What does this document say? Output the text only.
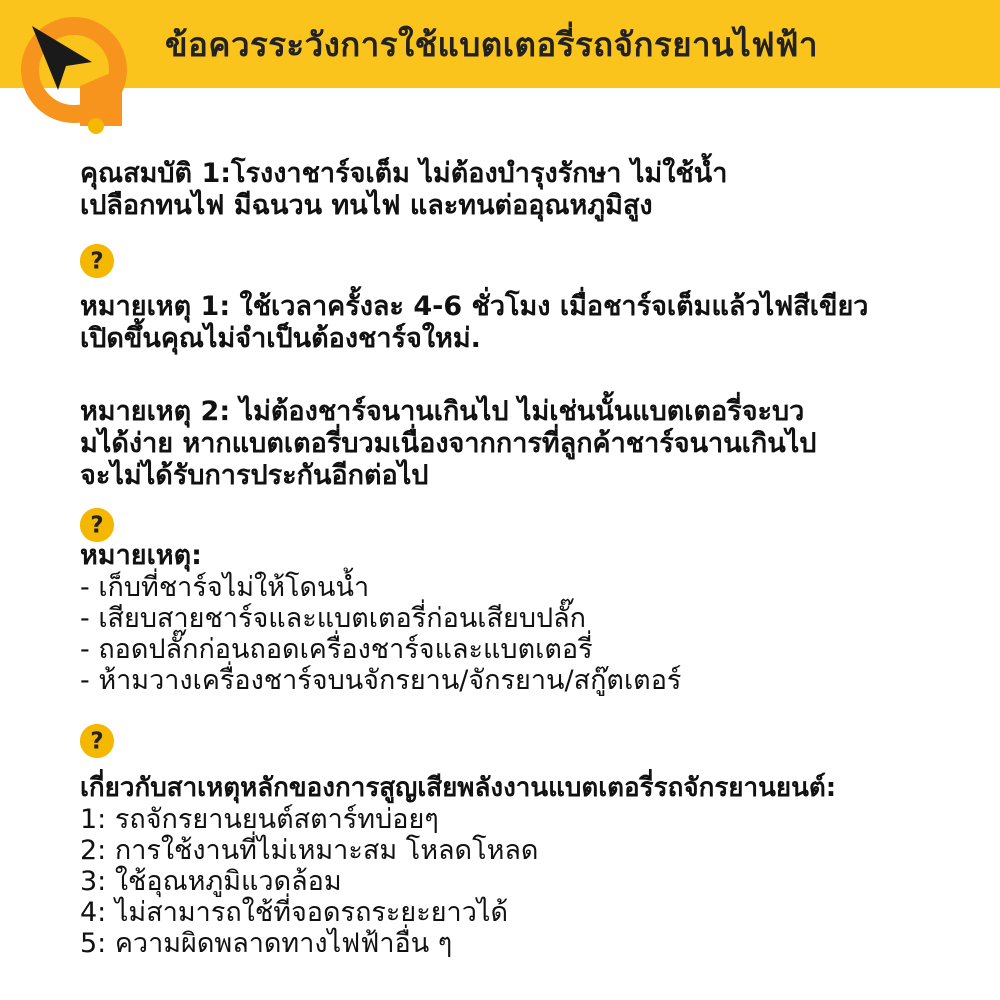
ข้อควรระวังการใช้แบตเตอรี่รถจักรยานไฟฟ้า
คุณสมบัติ 1:โรงงาชาร์จเต็ม ไม่ต้องบำรุงรักษา ไม่ใช้น้ำ
เปลือกทนไฟ มีฉนวน ทนไฟ และทนต่ออุณหภูมิสูง
?
หมายเหตุ 1: ใช้เวลาครั้งละ 4-6 ชั่วโมง เมื่อชาร์จเต็มแล้วไฟสีเขียว
เปิดขึ้นคุณไม่จำเป็นต้องชาร์จใหม่.
หมายเหตุ 2: ไม่ต้องชาร์จนานเกินไป ไม่เช่นนั้นแบตเตอรี่จะบว
มได้ง่าย หากแบตเตอรี่บวมเนื่องจากการที่ลูกค้าชาร์จนานเกินไป
จะไม่ได้รับการประกันอีกต่อไป
?
หมายเหตุ:
- เก็บที่ชาร์จไม่ให้โดนน้ำ
- เสียบสายชาร์จและแบตเตอรี่ก่อนเสียบปลั๊ก
- ถอดปลั๊กก่อนถอดเครื่องชาร์จและแบตเตอรี่
- ห้ามวางเครื่องชาร์จบนจักรยาน/จักรยาน/สกู๊ตเตอร์
?
เกี่ยวกับสาเหตุหลักของการสูญเสียพลังงานแบตเตอรี่รถจักรยานยนต์:
1: รถจักรยานยนต์สตาร์ทบ่อยๆ
2: การใช้งานที่ไม่เหมาะสม โหลดโหลด
3: ใช้อุณหภูมิแวดล้อม
4: ไม่สามารถใช้ที่จอดรถระยะยาวได้
5: ความผิดพลาดทางไฟฟ้าอื่น ๆ
